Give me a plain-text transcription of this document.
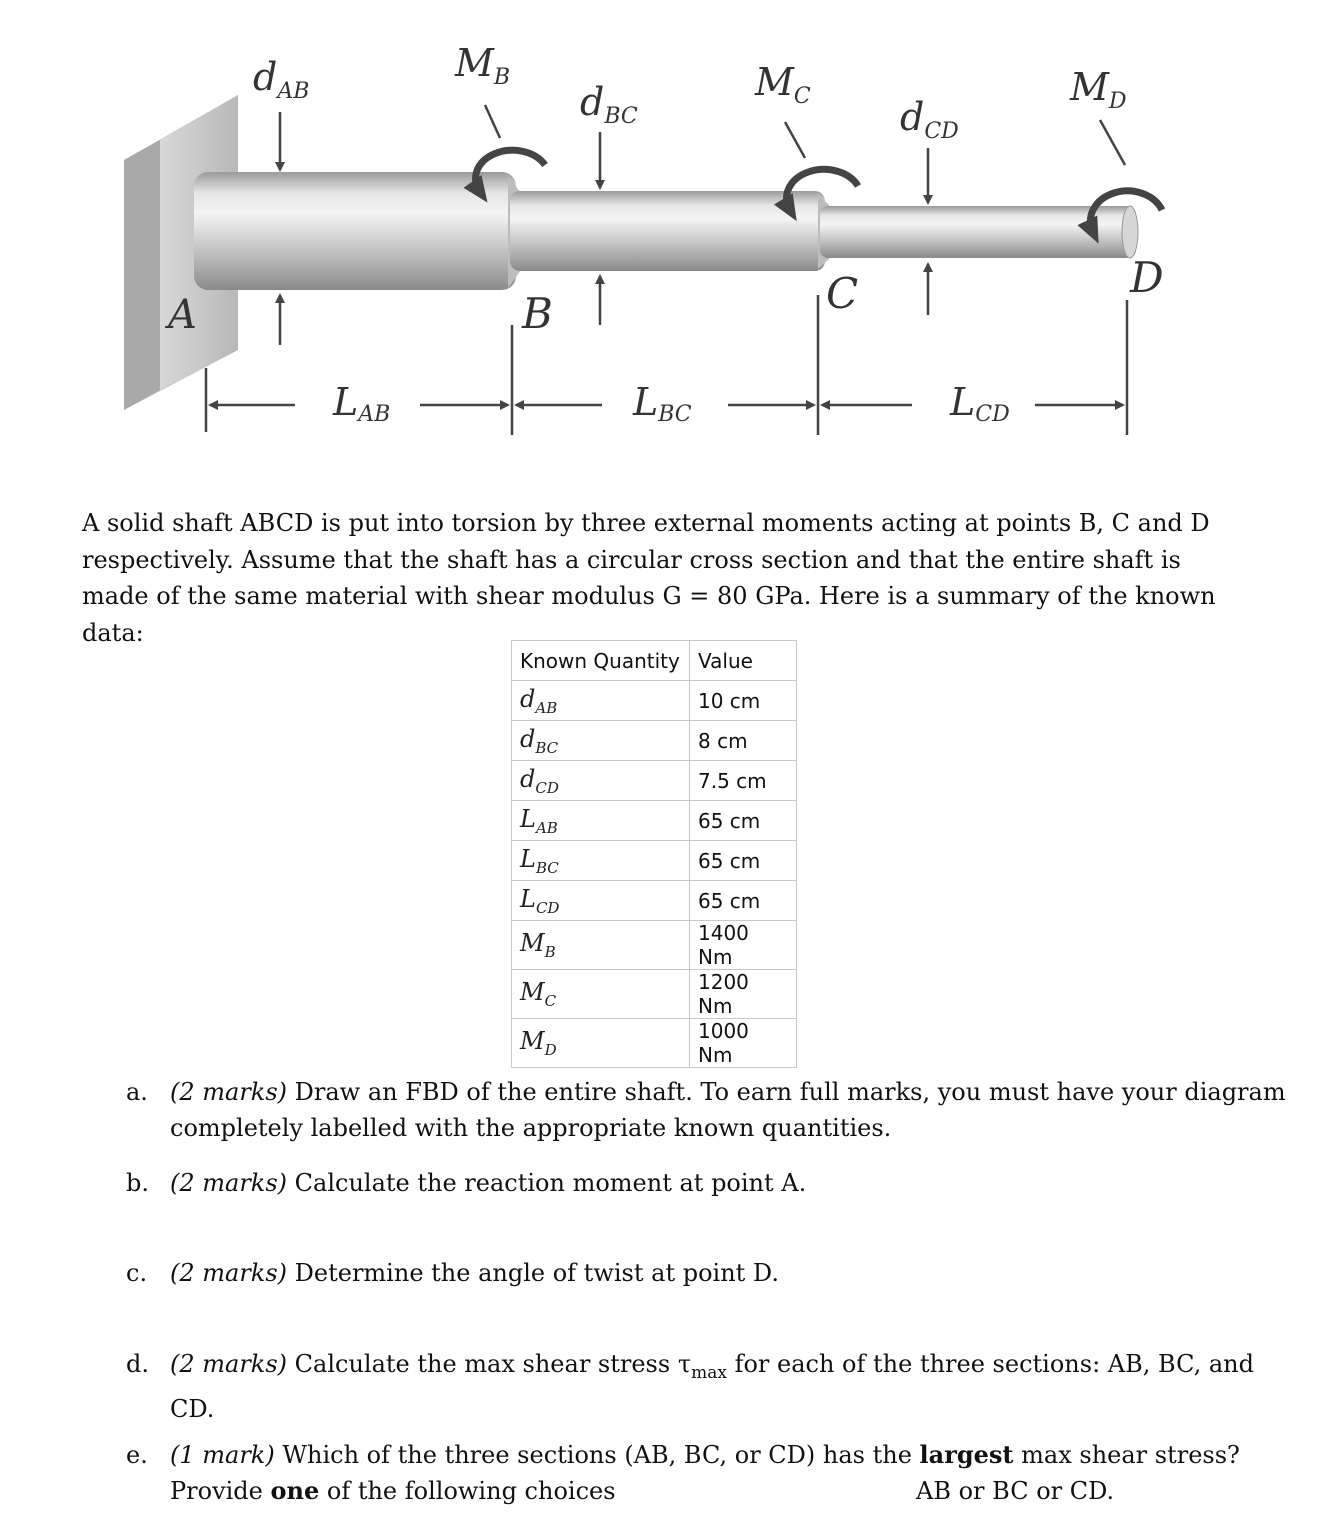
dAB
MB
dBC
MC dCD
MD
LAB	LBC	LCD
A	B	C	D
A solid shaft ABCD is put into torsion by three external moments acting at points B, C and D respectively. Assume that the shaft has a circular cross section and that the entire shaft is made of the same material with shear modulus G = 80 GPa. Here is a summary of the known data:
Known Quantity	Value
$d_{AB}$	10 cm
$d_{BC}$	8 cm
$d_{CD}$	7.5 cm
$L_{AB}$	65 cm
$L_{BC}$	65 cm
$L_{CD}$	65 cm
$M_B$	1400 Nm
$M_C$	1200 Nm
$M_D$	1000 Nm
a. (2 marks) Draw an FBD of the entire shaft. To earn full marks, you must have your diagram completely labelled with the appropriate known quantities.
b. (2 marks) Calculate the reaction moment at point A.
c. (2 marks) Determine the angle of twist at point D.
d. (2 marks) Calculate the max shear stress $\tau_{max}$ for each of the three sections: AB, BC, and CD.
e. (1 mark) Which of the three sections (AB, BC, or CD) has the largest max shear stress?
Provide one of the following choices	AB or BC or CD.
